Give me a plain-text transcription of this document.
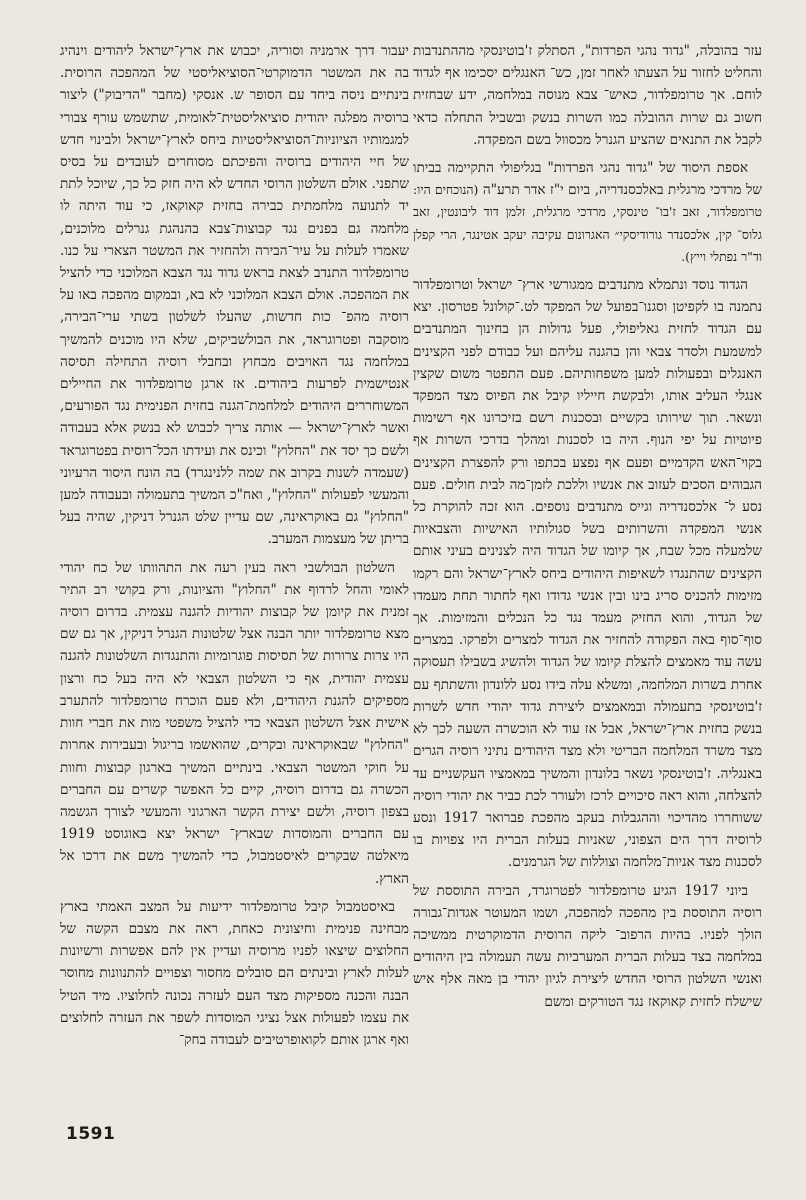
עזר בהובלה, "גדוד נהגי הפרדות", הסתלק ז'בוטינסקי מההתנדבות והחליט לחזור על הצעתו לאחר זמן, כש־ האנגלים יסכימו אף לגדוד לוחם. אך טרומפלדור, כאיש־ צבא מנוסה במלחמה, ידע שבחזית חשוב גם שרות ההובלה כמו השרות בנשק ובשביל התחלה כדאי לקבל את התנאים שהציע הגנרל מכסוול בשם המפקדה.

אספת היסוד של "גדוד נהגי הפרדות" בגליפולי התקיימה בביתו של מרדכי מרגלית באלכסנדריה, ביום י"ז אדר תרע"ה (הנוכחים היו: טרומפלדור, זאב ז'בו־ טינסקי, מרדכי מרגלית, זלמן דוד ליבונטין, זאב גלוס־ קין, אלכסנדר גורודיסקי״ האגרונום עקיבה יעקב אטינגר, הרי קפלן וד"ר נפתלי וייץ).

הגדוד נוסד ונתמלא מתנדבים ממגורשי ארץ־ ישראל וטרומפלדור נתמנה בו לקפיטן וסגנו־בפועל של המפקד לט.־קולונל פטרסון. יצא עם הגדוד לחזית גאליפולי, פעל גדולות הן בחינוך המתנדבים למשמעת ולסדר צבאי והן בהגנה עליהם ועל כבודם לפני הקצינים האנגלים ובפעולות למען משפחותיהם. פעם התפטר משום שקצין אנגלי העליב אותו, ולבקשת חייליו קיבל את הפיוס מצד המפקד ונשאר. תוך שירותו בקשיים ובסכנות רשם בזיכרונו אף רשימות פיוטיות על יפי הנוף. היה בו לסכנות ומהלך בדרכי השרות אף בקוי־האש הקדמיים ופעם אף נפצע בכתפו ורק להפצרת הקצינים הגבוהים הסכים לעזוב את אנשיו וללכת לזמן־מה לבית חולים. פעם נסע ל־ אלכסנדריה וגייס מתנדבים נוספים. הוא זכה להוקרת כל אנשי המפקדה והשרותים בשל סגולותיו האישיות והצבאיות שלמעלה מכל שבח, אך קיומו של הגדוד היה לצנינים בעיני אותם הקצינים שהתנגדו לשאיפות היהודים ביחס לארץ־ישראל והם רקמו מזימות להכניס סריג בינו ובין אנשי גדודו ואף לחתור תחת מעמדו של הגדוד, והוא החזיק מעמד נגד כל הנכלים והמזימות. אך סוף־סוף באה הפקודה להחזיר את הגדוד למצרים ולפרקו. במצרים עשה עוד מאמצים להצלת קיומו של הגדוד ולהשיג בשבילו תעסוקה אחרת בשרות המלחמה, ומשלא עלה בידו נסע ללונדון והשתתף עם ז'בוטינסקי בתעמולה ובמאמצים ליצירת גדוד יהודי חדש לשרות בנשק בחזית ארץ־ישראל, אבל אז עוד לא הוכשרה השעה לכך לא מצד משרד המלחמה הבריטי ולא מצד היהודים נתיני רוסיה הגרים באנגליה. ז'בוטינסקי נשאר בלונדון והמשיך במאמציו העקשניים עד להצלחה, והוא ראה סיכויים לרכז ולעורר לכת כביר את יהודי רוסיה ששוחררו מהדיכוי וההגבלות בעקב מהפכת פברואר 1917 ונסע לרוסיה דרך הים הצפוני, שאניות בעלות הברית היו צפויות בו לסכנות מצד אניות־מלחמה וצוללות של הגרמנים.

ביוני 1917 הגיע טרומפלדור לפטרוגרד, הבירה התוססת של רוסיה התוססת בין מהפכה למהפכה, ושמו המעוטר אגדות־גבורה הולך לפניו. בהיות הרפוב־ ליקה הרוסית הדמוקרטית ממשיכה במלחמה בצד בעלות הברית המערביות עשה תעמולה בין היהודים ואנשי השלטון הרוסי החדש ליצירת לגיון יהודי בן מאה אלף איש שישלח לחזית קאוקאז נגד הטורקים ומשם

יעבור דרך ארמניה וסוריה, יכבוש את ארץ־ישראל ליהודים וינהיג בה את המשטר הדמוקרטי־הסוציאליסטי של המהפכה הרוסית. בינתיים ניסה ביחד עם הסופר ש. אנסקי (מחבר "הדיבוק") ליצור ברוסיה מפלגה יהודית סוציאליסטית־לאומית, שתשמש עורף צבורי למגמותיו הציוניות־הסוציאליסטיות ביחס לארץ־ישראל ולבינוי חדש של חיי היהודים ברוסיה והפיכתם מסוחרים לעובדים על בסיס שתפני. אולם השלטון הרוסי החדש לא היה חזק כל כך, שיוכל לתת יד לתנועה מלחמתית כבירה בחזית קאוקאז, כי עוד היתה לו מלחמה גם בפנים נגד קבוצות־צבא בהנהגת גנרלים מלוכנים, שאמרו לעלות על עיר־הבירה ולהחזיר את המשטר הצארי על כנו. טרומפלדור התנדב לצאת בראש גדוד נגד הצבא המלוכני כדי להציל את המהפכה. אולם הצבא המלוכני לא בא, ובמקום מהפכה באו על רוסיה מהפ־ כות חדשות, שהעלו לשלטון בשתי ערי־הבירה, מוסקבה ופטרוגראד, את הבולשביקים, שלא היו מוכנים להמשיך במלחמה נגד האויבים מבחוץ ובחבלי רוסיה התחילה תסיסה אנטישמית לפרעות ביהודים. אז ארגן טרומפלדור את החיילים המשוחררים היהודים למלחמת־הגנה בחזית הפנימית נגד הפורעים, ואשר לארץ־ישראל — אותה צריך לכבוש לא בנשק אלא בעבודה ולשם כך יסד את "החלוץ" וכינס את ועידתו הכל־רוסית בפטרוגראד (שעמדה לשנות בקרוב את שמה ללנינגרד) בה הונח היסוד הרעיוני והמעשי לפעולות "החלוץ", ואח"כ המשיך בתעמולה ובעבודה למען "החלוץ" גם באוקראינה, שם עדיין שלט הגנרל דניקין, שהיה בעל בריתן של מעצמות המערב.

השלטון הבולשבי ראה בעין רעה את התהוותו של כח יהודי לאומי והחל לרדוף את "החלוץ" והציונות, ורק בקושי רב התיר זמנית את קיומן של קבוצות יהודיות להגנה עצמית. בדרום רוסיה מצא טרומפלדור יותר הבנה אצל שלטונות הגנרל דניקין, אך גם שם היו צרות צרורות של תסיסות פוגרומיות והתנגדות השלטונות להגנה עצמית יהודית, אף כי השלטון הצבאי לא היה בעל כח ורצון מספיקים להגנת היהודים, ולא פעם הוכרח טרומפלדור להתערב אישית אצל השלטון הצבאי כדי להציל משפטי מות את חברי חוות "החלוץ" שבאוקראינה ובקרים, שהואשמו בריגול ובעבירות אחרות על חוקי המשטר הצבאי. בינתיים המשיך בארגון קבוצות וחוות הכשרה גם בדרום רוסיה, קיים כל האפשר קשרים עם החברים בצפון רוסיה, ולשם יצירת הקשר הארגוני והמעשי לצורך הגשמה עם החברים והמוסדות שבארץ־ ישראל יצא באוגוסט 1919 מיאלטה שבקרים לאיסטמבול, כדי להמשיך משם את דרכו אל הארץ.

באיסטמבול קיבל טרומפלדור ידיעות על המצב האמתי בארץ מבחינה פנימית וחיצונית כאחת, ראה את מצבם הקשה של החלוצים שיצאו לפניו מרוסיה ועדיין אין להם אפשרות ורשיונות לעלות לארץ ובינתים הם סובלים מחסור וצפויים להתנוונות מחוסר הבנה והכנה מספיקות מצד העם לעזרה נכונה לחלוציו. מיד הטיל את עצמו לפעולות אצל נציגי המוסדות לשפר את העזרה לחלוצים ואף ארגן אותם לקואופרטיבים לעבודה בחק־

1591
